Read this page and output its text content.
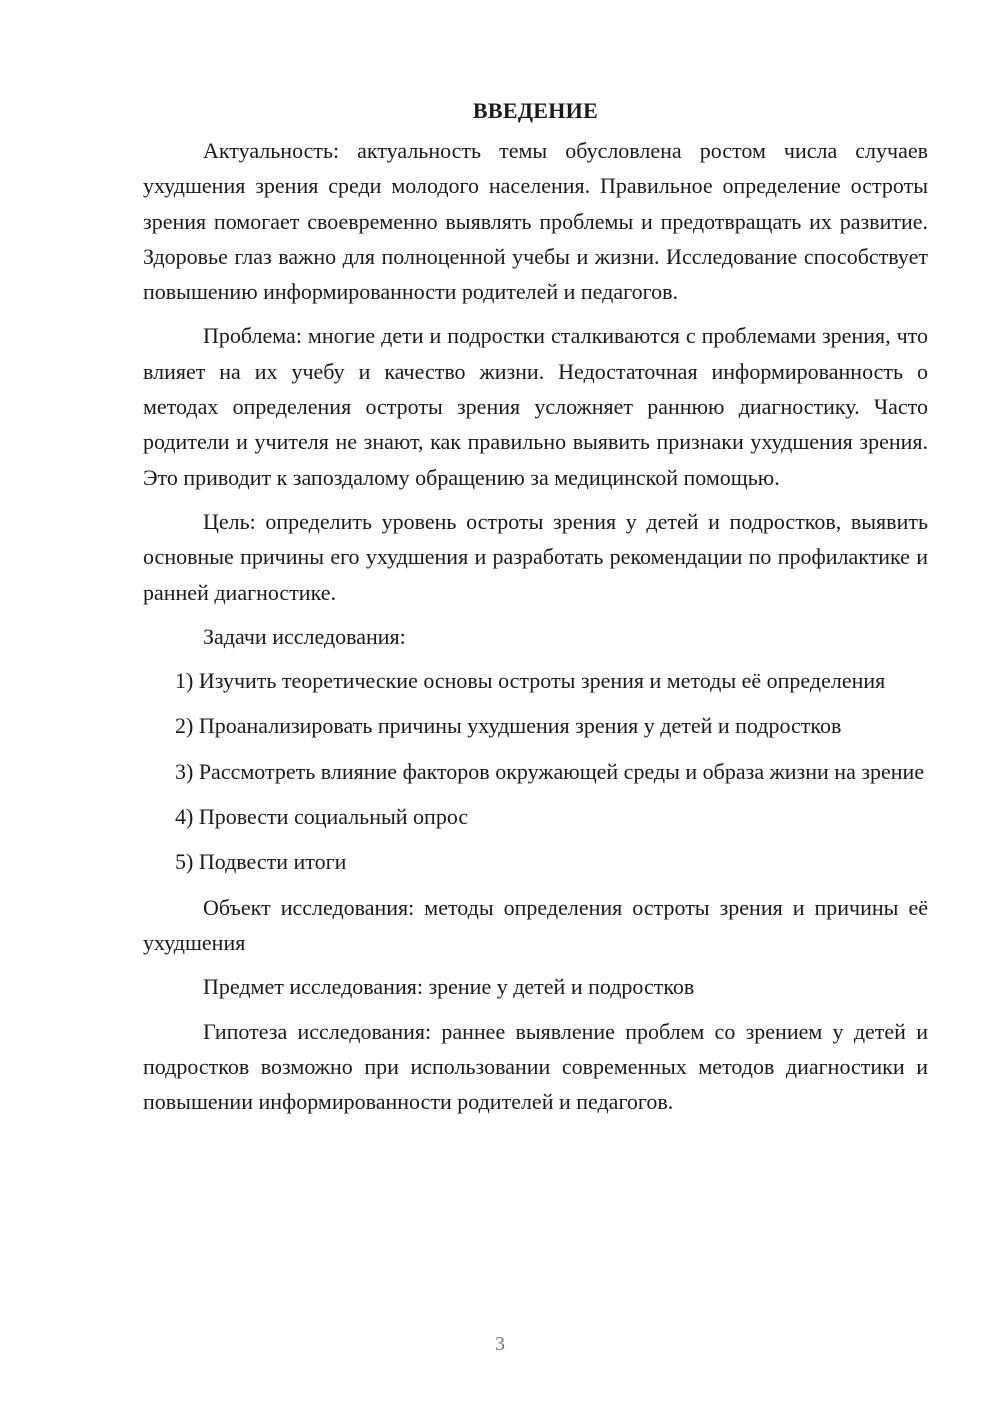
ВВЕДЕНИЕ

Актуальность: актуальность темы обусловлена ростом числа случаев ухудшения зрения среди молодого населения. Правильное определение остроты зрения помогает своевременно выявлять проблемы и предотвращать их развитие. Здоровье глаз важно для полноценной учебы и жизни. Исследование способствует повышению информированности родителей и педагогов.

Проблема: многие дети и подростки сталкиваются с проблемами зрения, что влияет на их учебу и качество жизни. Недостаточная информированность о методах определения остроты зрения усложняет раннюю диагностику. Часто родители и учителя не знают, как правильно выявить признаки ухудшения зрения. Это приводит к запоздалому обращению за медицинской помощью.

Цель: определить уровень остроты зрения у детей и подростков, выявить основные причины его ухудшения и разработать рекомендации по профилактике и ранней диагностике.

Задачи исследования:

1) Изучить теоретические основы остроты зрения и методы её определения

2) Проанализировать причины ухудшения зрения у детей и подростков

3) Рассмотреть влияние факторов окружающей среды и образа жизни на зрение

4) Провести социальный опрос

5) Подвести итоги

Объект исследования: методы определения остроты зрения и причины её ухудшения

Предмет исследования: зрение у детей и подростков

Гипотеза исследования: раннее выявление проблем со зрением у детей и подростков возможно при использовании современных методов диагностики и повышении информированности родителей и педагогов.

3
